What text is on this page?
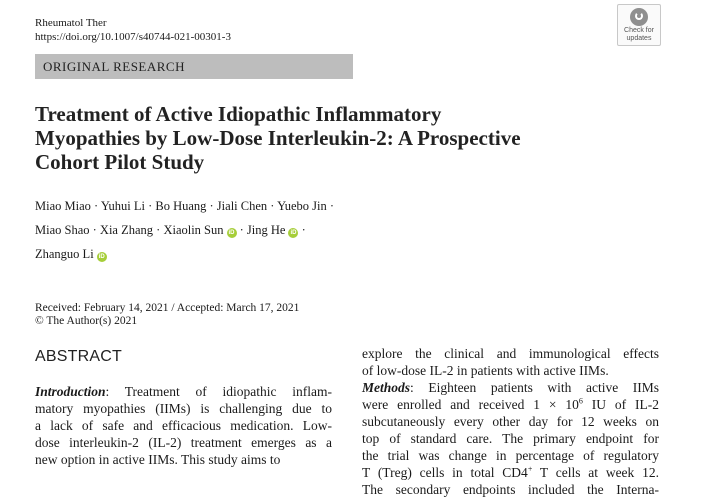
Rheumatol Ther
https://doi.org/10.1007/s40744-021-00301-3
Check for
updates
ORIGINAL RESEARCH
Treatment of Active Idiopathic Inflammatory
Myopathies by Low-Dose Interleukin-2: A Prospective
Cohort Pilot Study
Miao Miao · Yuhui Li · Bo Huang · Jiali Chen · Yuebo Jin ·
Miao Shao · Xia Zhang · Xiaolin Sun iD · Jing He iD ·
Zhanguo Li iD
Received: February 14, 2021 / Accepted: March 17, 2021
© The Author(s) 2021
ABSTRACT
Introduction: Treatment of idiopathic inflam-
matory myopathies (IIMs) is challenging due to
a lack of safe and efficacious medication. Low-
dose interleukin-2 (IL-2) treatment emerges as a
new option in active IIMs. This study aims to
explore the clinical and immunological effects
of low-dose IL-2 in patients with active IIMs.
Methods: Eighteen patients with active IIMs
were enrolled and received $1 \times 10^6$ IU of IL-2
subcutaneously every other day for 12 weeks on
top of standard care. The primary endpoint for
the trial was change in percentage of regulatory
T (Treg) cells in total CD4+ T cells at week 12.
The secondary endpoints included the Interna-
